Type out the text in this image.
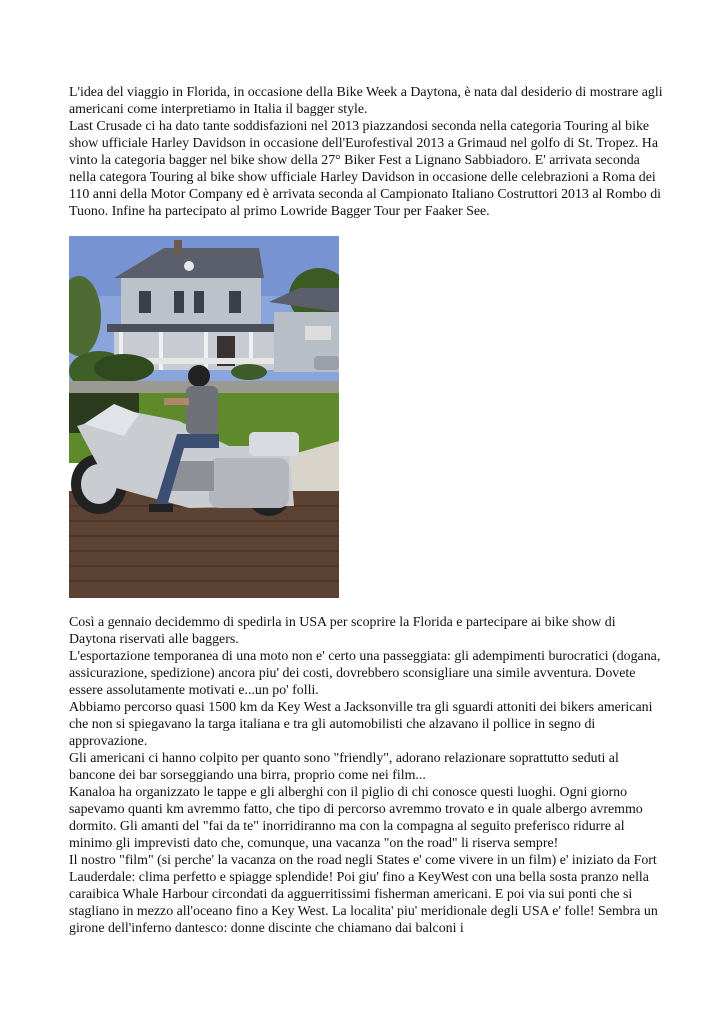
L'idea del viaggio in Florida, in occasione della Bike Week a Daytona, è nata dal desiderio di mostrare agli americani come interpretiamo in Italia il bagger style.

Last Crusade ci ha dato tante soddisfazioni nel 2013 piazzandosi seconda nella categoria Touring al bike show ufficiale Harley Davidson in occasione dell'Eurofestival 2013 a Grimaud nel golfo di St. Tropez. Ha vinto la categoria bagger nel bike show della 27° Biker Fest a Lignano Sabbiadoro. E' arrivata seconda nella categora Touring al bike show ufficiale Harley Davidson in occasione delle celebrazioni a Roma dei 110 anni della Motor Company ed è arrivata seconda al Campionato Italiano Costruttori 2013 al Rombo di Tuono. Infine ha partecipato al primo Lowride Bagger Tour per Faaker See.

Così a gennaio decidemmo di spedirla in USA per scoprire la Florida e partecipare ai bike show di Daytona riservati alle baggers.

L'esportazione temporanea di una moto non e' certo una passeggiata: gli adempimenti burocratici (dogana, assicurazione, spedizione) ancora piu' dei costi, dovrebbero sconsigliare una simile avventura. Dovete essere assolutamente motivati e...un po' folli.

Abbiamo percorso quasi 1500 km da Key West a Jacksonville tra gli sguardi attoniti dei bikers americani che non si spiegavano la targa italiana e tra gli automobilisti che alzavano il pollice in segno di approvazione.

Gli americani ci hanno colpito per quanto sono "friendly", adorano relazionare soprattutto seduti al bancone dei bar sorseggiando una birra, proprio come nei film...

Kanaloa ha organizzato le tappe e gli alberghi con il piglio di chi conosce questi luoghi. Ogni giorno sapevamo quanti km avremmo fatto, che tipo di percorso avremmo trovato e in quale albergo avremmo dormito. Gli amanti del "fai da te" inorridiranno ma con la compagna al seguito preferisco ridurre al minimo gli imprevisti dato che, comunque, una vacanza "on the road" li riserva sempre!

Il nostro "film" (si perche' la vacanza on the road negli States e' come vivere in un film) e' iniziato da Fort Lauderdale: clima perfetto e spiagge splendide! Poi giu' fino a KeyWest con una bella sosta pranzo nella caraibica Whale Harbour circondati da agguerritissimi fisherman americani. E poi via sui ponti che si stagliano in mezzo all'oceano fino a Key West. La localita' piu' meridionale degli USA e' folle! Sembra un girone dell'inferno dantesco: donne discinte che chiamano dai balconi i
